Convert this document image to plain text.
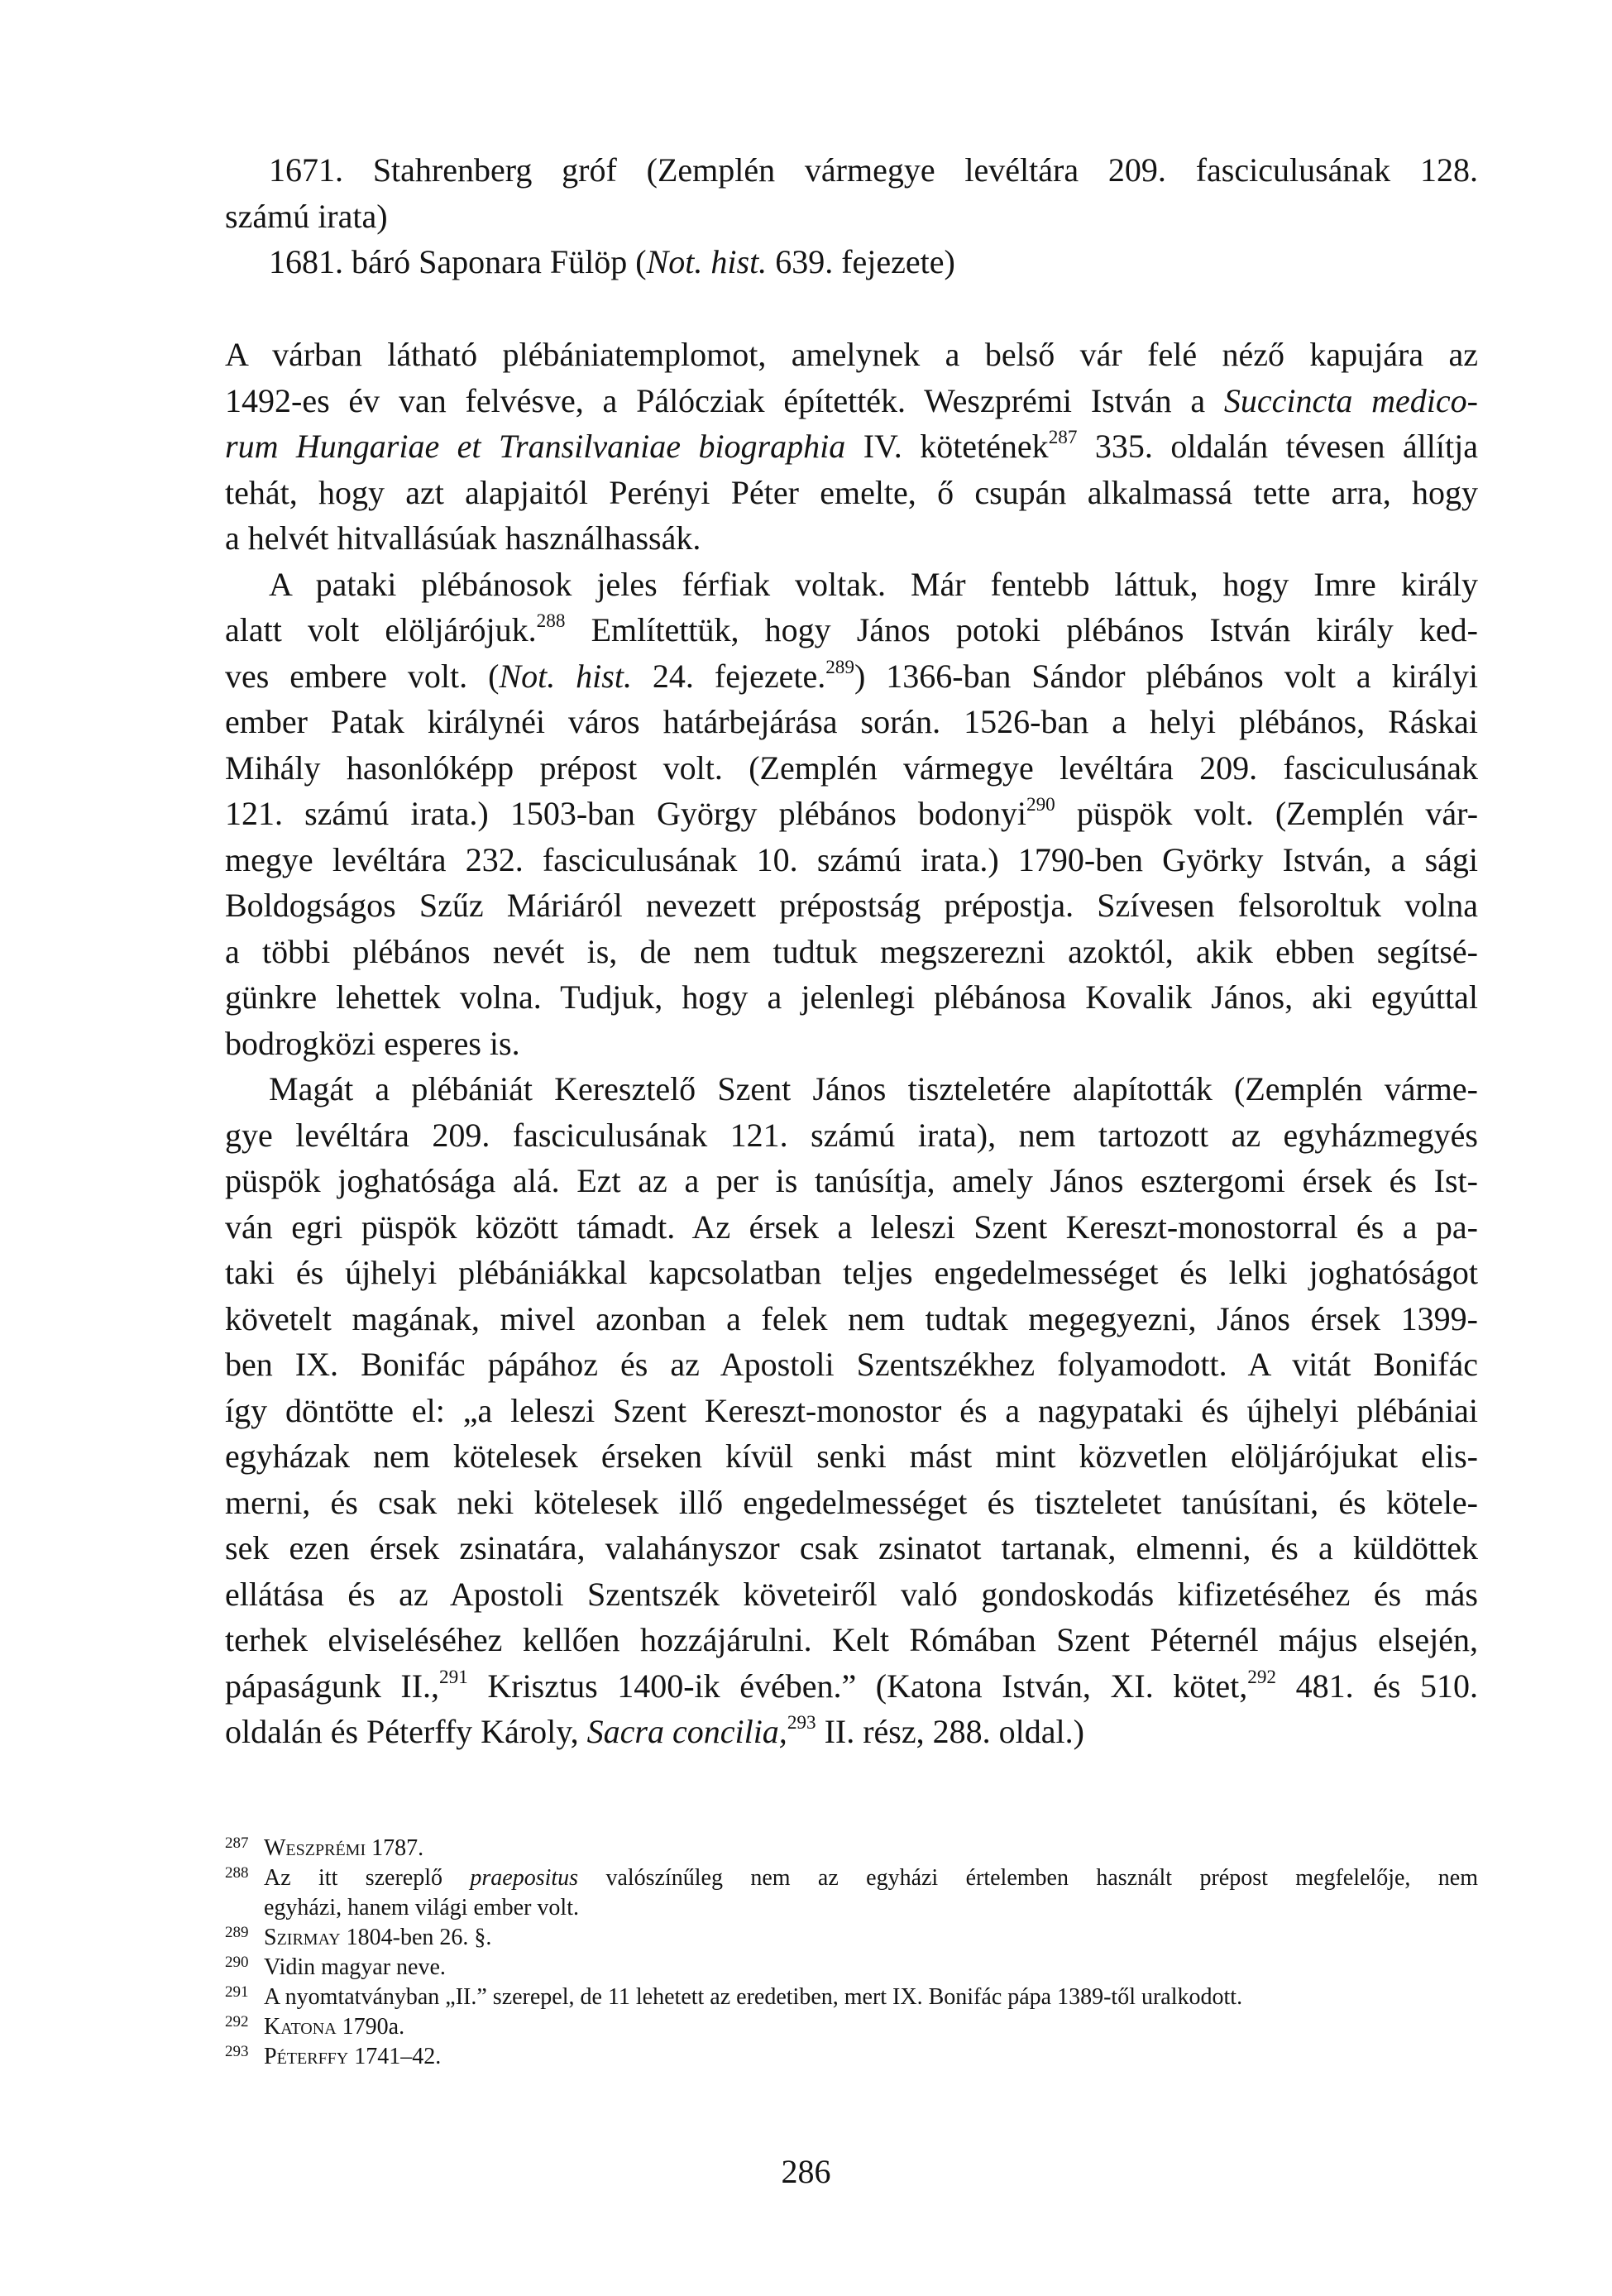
1671. Stahrenberg gróf (Zemplén vármegye levéltára 209. fasciculusának 128.
számú irata)
1681. báró Saponara Fülöp (Not. hist. 639. fejezete)
A várban látható plébániatemplomot, amelynek a belső vár felé néző kapujára az
1492-es év van felvésve, a Pálócziak építették. Weszprémi István a Succincta medico-
rum Hungariae et Transilvaniae biographia IV. kötetének$^{287}$ 335. oldalán tévesen állítja
tehát, hogy azt alapjaitól Perényi Péter emelte, ő csupán alkalmassá tette arra, hogy
a helvét hitvallásúak használhassák.
A pataki plébánosok jeles férfiak voltak. Már fentebb láttuk, hogy Imre király
alatt volt elöljárójuk.$^{288}$ Említettük, hogy János potoki plébános István király ked-
ves embere volt. (Not. hist. 24. fejezete.$^{289}$) 1366-ban Sándor plébános volt a királyi
ember Patak királynéi város határbejárása során. 1526-ban a helyi plébános, Ráskai
Mihály hasonlóképp prépost volt. (Zemplén vármegye levéltára 209. fasciculusának
121. számú irata.) 1503-ban György plébános bodonyi$^{290}$ püspök volt. (Zemplén vár-
megye levéltára 232. fasciculusának 10. számú irata.) 1790-ben Györky István, a sági
Boldogságos Szűz Máriáról nevezett prépostság prépostja. Szívesen felsoroltuk volna
a többi plébános nevét is, de nem tudtuk megszerezni azoktól, akik ebben segítsé-
günkre lehettek volna. Tudjuk, hogy a jelenlegi plébánosa Kovalik János, aki egyúttal
bodrogközi esperes is.
Magát a plébániát Keresztelő Szent János tiszteletére alapították (Zemplén várme-
gye levéltára 209. fasciculusának 121. számú irata), nem tartozott az egyházmegyés
püspök joghatósága alá. Ezt az a per is tanúsítja, amely János esztergomi érsek és Ist-
ván egri püspök között támadt. Az érsek a leleszi Szent Kereszt-monostorral és a pa-
taki és újhelyi plébániákkal kapcsolatban teljes engedelmességet és lelki joghatóságot
követelt magának, mivel azonban a felek nem tudtak megegyezni, János érsek 1399-
ben IX. Bonifác pápához és az Apostoli Szentszékhez folyamodott. A vitát Bonifác
így döntötte el: „a leleszi Szent Kereszt-monostor és a nagypataki és újhelyi plébániai
egyházak nem kötelesek érseken kívül senki mást mint közvetlen elöljárójukat elis-
merni, és csak neki kötelesek illő engedelmességet és tiszteletet tanúsítani, és kötele-
sek ezen érsek zsinatára, valahányszor csak zsinatot tartanak, elmenni, és a küldöttek
ellátása és az Apostoli Szentszék követeiről való gondoskodás kifizetéséhez és más
terhek elviseléséhez kellően hozzájárulni. Kelt Rómában Szent Péternél május elsején,
pápaságunk II.,$^{291}$ Krisztus 1400-ik évében.” (Katona István, XI. kötet,$^{292}$ 481. és 510.
oldalán és Péterffy Károly, Sacra concilia,$^{293}$ II. rész, 288. oldal.)
287 Weszprémi 1787.
288 Az itt szereplő praepositus valószínűleg nem az egyházi értelemben használt prépost megfelelője, nem
egyházi, hanem világi ember volt.
289 Szirmay 1804-ben 26. §.
290 Vidin magyar neve.
291 A nyomtatványban „II.” szerepel, de 11 lehetett az eredetiben, mert IX. Bonifác pápa 1389-től uralkodott.
292 Katona 1790a.
293 Péterffy 1741–42.
286
